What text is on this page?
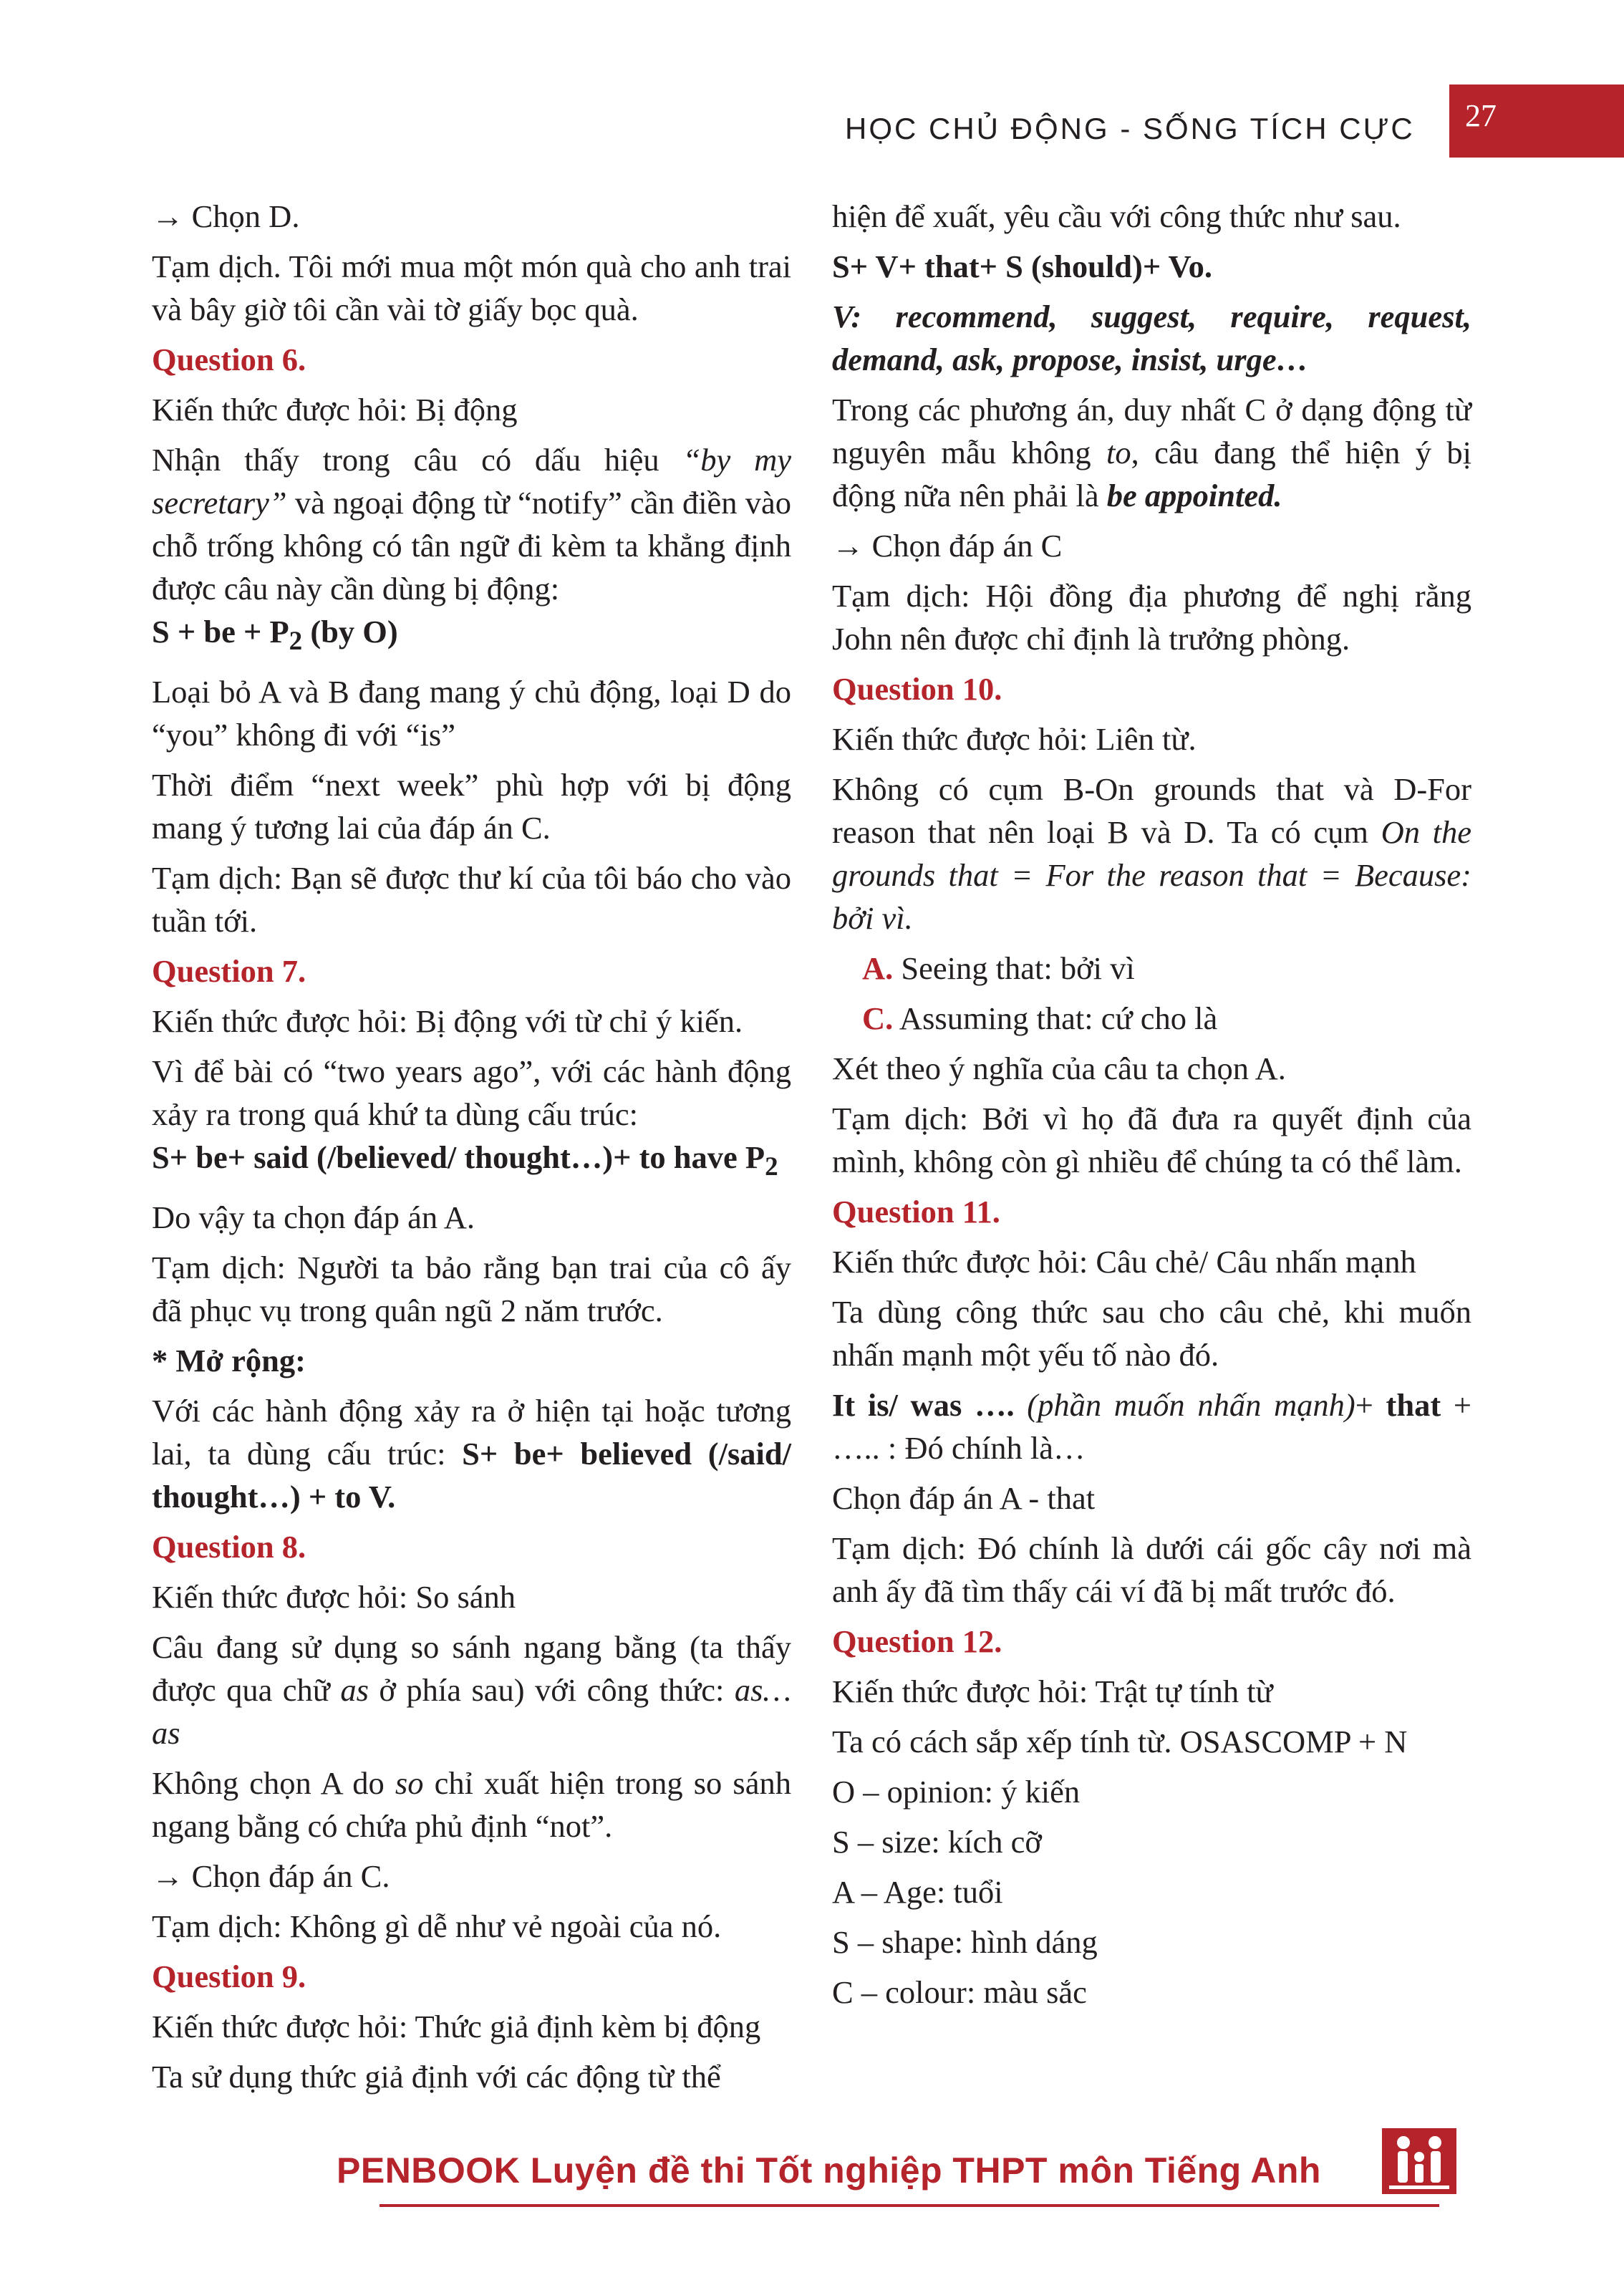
HỌC CHỦ ĐỘNG - SỐNG TÍCH CỰC 27

→ Chọn D.

Tạm dịch. Tôi mới mua một món quà cho anh trai và bây giờ tôi cần vài tờ giấy bọc quà.

Question 6.

Kiến thức được hỏi: Bị động

Nhận thấy trong câu có dấu hiệu “by my secretary” và ngoại động từ “notify” cần điền vào chỗ trống không có tân ngữ đi kèm ta khẳng định được câu này cần dùng bị động:
S + be + $P_2$ (by O)

Loại bỏ A và B đang mang ý chủ động, loại D do “you” không đi với “is”

Thời điểm “next week” phù hợp với bị động mang ý tương lai của đáp án C.

Tạm dịch: Bạn sẽ được thư kí của tôi báo cho vào tuần tới.

Question 7.

Kiến thức được hỏi: Bị động với từ chỉ ý kiến.

Vì để bài có “two years ago”, với các hành động xảy ra trong quá khứ ta dùng cấu trúc:
S+ be+ said (/believed/ thought…)+ to have $P_2$

Do vậy ta chọn đáp án A.

Tạm dịch: Người ta bảo rằng bạn trai của cô ấy đã phục vụ trong quân ngũ 2 năm trước.

* Mở rộng:

Với các hành động xảy ra ở hiện tại hoặc tương lai, ta dùng cấu trúc: S+ be+ believed (/said/ thought…) + to V.

Question 8.

Kiến thức được hỏi: So sánh

Câu đang sử dụng so sánh ngang bằng (ta thấy được qua chữ as ở phía sau) với công thức: as…as

Không chọn A do so chỉ xuất hiện trong so sánh ngang bằng có chứa phủ định “not”.

→ Chọn đáp án C.

Tạm dịch: Không gì dễ như vẻ ngoài của nó.

Question 9.

Kiến thức được hỏi: Thức giả định kèm bị động

Ta sử dụng thức giả định với các động từ thể

hiện để xuất, yêu cầu với công thức như sau.

S+ V+ that+ S (should)+ Vo.

V: recommend, suggest, require, request, demand, ask, propose, insist, urge…

Trong các phương án, duy nhất C ở dạng động từ nguyên mẫu không to, câu đang thể hiện ý bị động nữa nên phải là be appointed.

→ Chọn đáp án C

Tạm dịch: Hội đồng địa phương để nghị rằng John nên được chỉ định là trưởng phòng.

Question 10.

Kiến thức được hỏi: Liên từ.

Không có cụm B-On grounds that và D-For reason that nên loại B và D. Ta có cụm On the grounds that = For the reason that = Because: bởi vì.

A. Seeing that: bởi vì

C. Assuming that: cứ cho là

Xét theo ý nghĩa của câu ta chọn A.

Tạm dịch: Bởi vì họ đã đưa ra quyết định của mình, không còn gì nhiều để chúng ta có thể làm.

Question 11.

Kiến thức được hỏi: Câu chẻ/ Câu nhấn mạnh

Ta dùng công thức sau cho câu chẻ, khi muốn nhấn mạnh một yếu tố nào đó.

It is/ was …. (phần muốn nhấn mạnh)+ that + ….. : Đó chính là…

Chọn đáp án A - that

Tạm dịch: Đó chính là dưới cái gốc cây nơi mà anh ấy đã tìm thấy cái ví đã bị mất trước đó.

Question 12.

Kiến thức được hỏi: Trật tự tính từ

Ta có cách sắp xếp tính từ. OSASCOMP + N

O – opinion: ý kiến

S – size: kích cỡ

A – Age: tuổi

S – shape: hình dáng

C – colour: màu sắc

PENBOOK Luyện đề thi Tốt nghiệp THPT môn Tiếng Anh
